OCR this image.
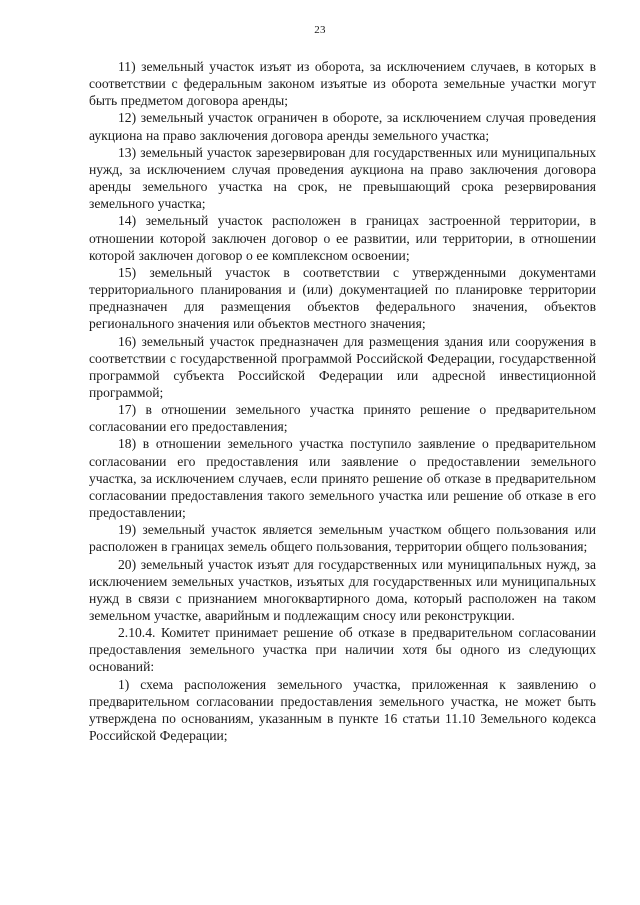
23

11) земельный участок изъят из оборота, за исключением случаев, в которых в соответствии с федеральным законом изъятые из оборота земельные участки могут быть предметом договора аренды;

12) земельный участок ограничен в обороте, за исключением случая проведения аукциона на право заключения договора аренды земельного участка;

13) земельный участок зарезервирован для государственных или муниципальных нужд, за исключением случая проведения аукциона на право заключения договора аренды земельного участка на срок, не превышающий срока резервирования земельного участка;

14) земельный участок расположен в границах застроенной территории, в отношении которой заключен договор о ее развитии, или территории, в отношении которой заключен договор о ее комплексном освоении;

15) земельный участок в соответствии с утвержденными документами территориального планирования и (или) документацией по планировке территории предназначен для размещения объектов федерального значения, объектов регионального значения или объектов местного значения;

16) земельный участок предназначен для размещения здания или сооружения в соответствии с государственной программой Российской Федерации, государственной программой субъекта Российской Федерации или адресной инвестиционной программой;

17) в отношении земельного участка принято решение о предварительном согласовании его предоставления;

18) в отношении земельного участка поступило заявление о предварительном согласовании его предоставления или заявление о предоставлении земельного участка, за исключением случаев, если принято решение об отказе в предварительном согласовании предоставления такого земельного участка или решение об отказе в его предоставлении;

19) земельный участок является земельным участком общего пользования или расположен в границах земель общего пользования, территории общего пользования;

20) земельный участок изъят для государственных или муниципальных нужд, за исключением земельных участков, изъятых для государственных или муниципальных нужд в связи с признанием многоквартирного дома, который расположен на таком земельном участке, аварийным и подлежащим сносу или реконструкции.

2.10.4. Комитет принимает решение об отказе в предварительном согласовании предоставления земельного участка при наличии хотя бы одного из следующих оснований:

1) схема расположения земельного участка, приложенная к заявлению о предварительном согласовании предоставления земельного участка, не может быть утверждена по основаниям, указанным в пункте 16 статьи 11.10 Земельного кодекса Российской Федерации;
